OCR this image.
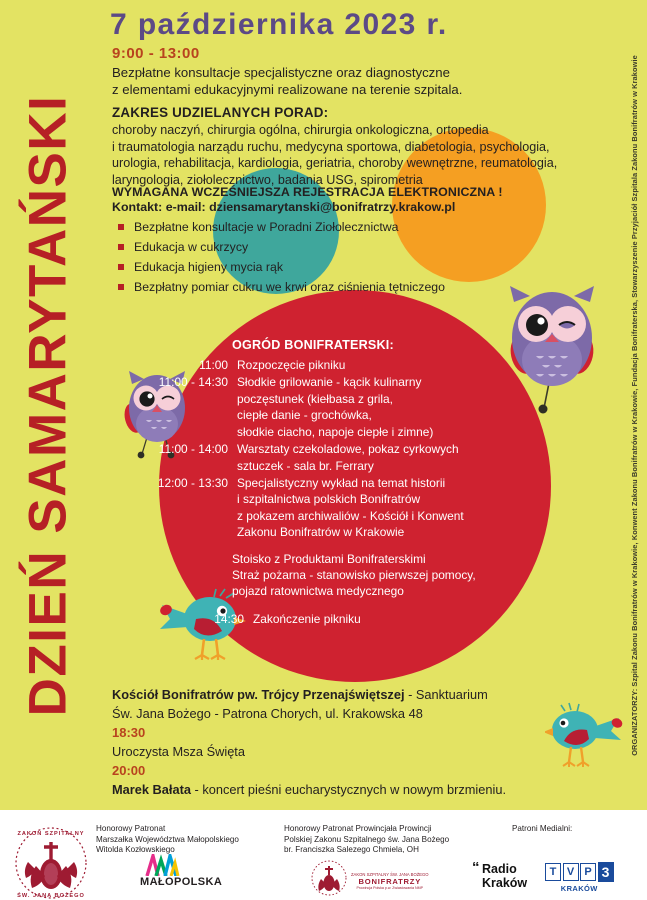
DZIEŃ SAMARYTAŃSKI	ORGANIZATORZY: Szpital Zakonu Bonifratrów w Krakowie, Konwent Zakonu Bonifratrów w Krakowie, Fundacja Bonifraterska, Stowarzyszenie Przyjaciół Szpitala Zakonu Bonifratrów w Krakowie
7 października 2023 r.
9:00 - 13:00
Bezpłatne konsultacje specjalistyczne oraz diagnostyczne
z elementami edukacyjnymi realizowane na terenie szpitala.
ZAKRES UDZIELANYCH PORAD:
choroby naczyń, chirurgia ogólna, chirurgia onkologiczna, ortopedia
i traumatologia narządu ruchu, medycyna sportowa, diabetologia, psychologia,
urologia, rehabilitacja, kardiologia, geriatria, choroby wewnętrzne, reumatologia,
laryngologia, ziołolecznictwo, badania USG, spirometria
WYMAGANA WCZEŚNIEJSZA REJESTRACJA ELEKTRONICZNA !
Kontakt: e-mail: dziensamarytanski@bonifratrzy.krakow.pl
Bezpłatne konsultacje w Poradni Ziołolecznictwa
Edukacja w cukrzycy
Edukacja higieny mycia rąk
Bezpłatny pomiar cukru we krwi oraz ciśnienia tętniczego
Kościół Bonifratrów pw. Trójcy Przenajświętszej - Sanktuarium
Św. Jana Bożego - Patrona Chorych, ul. Krakowska 48
18:30
Uroczysta Msza Święta
20:00
Marek Bałata - koncert pieśni eucharystycznych w nowym brzmieniu.
OGRÓD BONIFRATERSKI:
11:00 Rozpoczęcie pikniku
11:00 - 14:30 Słodkie grilowanie - kącik kulinarny
poczęstunek (kiełbasa z grila,
ciepłe danie - grochówka,
słodkie ciacho, napoje ciepłe i zimne)
11:00 - 14:00 Warsztaty czekoladowe, pokaz cyrkowych
sztuczek - sala br. Ferrary
12:00 - 13:30 Specjalistyczny wykład na temat historii
i szpitalnictwa polskich Bonifratrów
z pokazem archiwaliów - Kościół i Konwent
Zakonu Bonifratrów w Krakowie
Stoisko z Produktami Bonifraterskimi
Straż pożarna - stanowisko pierwszej pomocy,
pojazd ratownictwa medycznego
14:30 Zakończenie pikniku
ZAKON SZPITALNY
ŚW. JANA BOŻEGO
Honorowy Patronat
Marszałka Województwa Małopolskiego
Witolda Kozłowskiego
MAŁOPOLSKA
Honorowy Patronat Prowincjała Prowincji
Polskiej Zakonu Szpitalnego św. Jana Bożego
br. Franciszka Salezego Chmiela, OH
ZAKON SZPITALNY ŚW. JANA BOŻEGO
BONIFRATRZY
Prowincja Polska p.w. Zwiastowania NMP
Patroni Medialni:
“ Radio
Kraków
T V P 3
KRAKÓW
